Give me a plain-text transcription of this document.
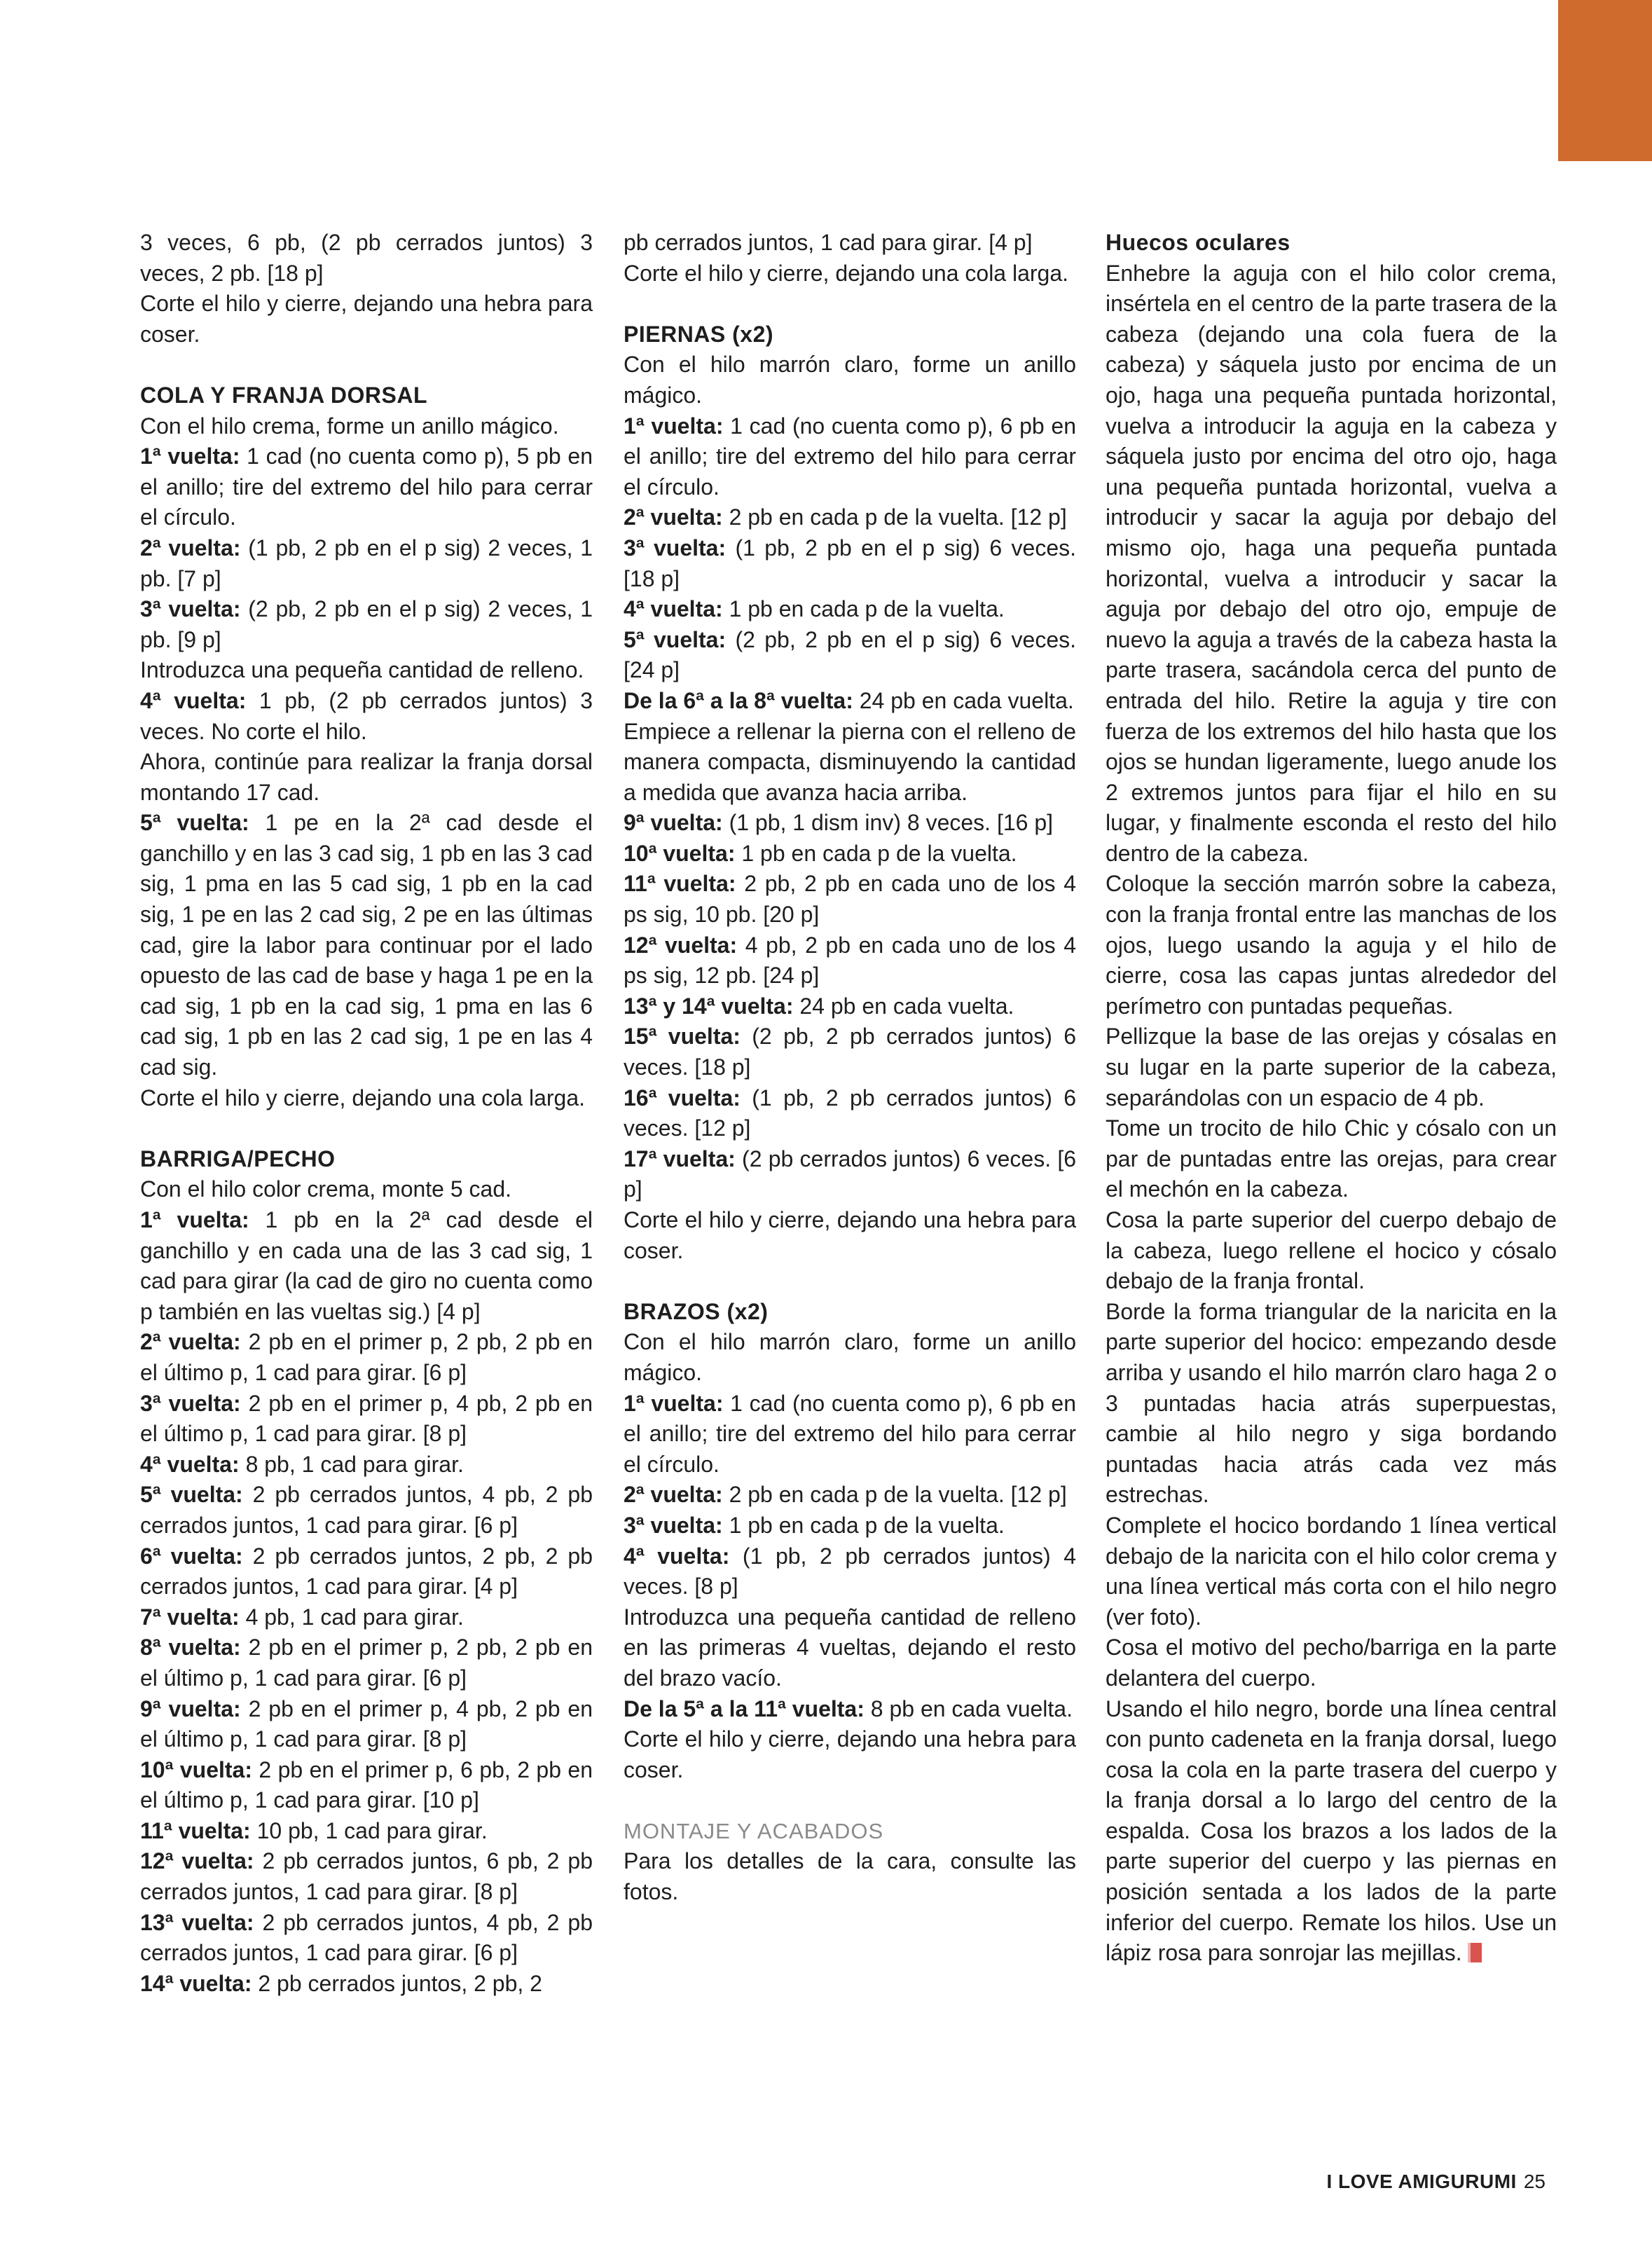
3 veces, 6 pb, (2 pb cerrados juntos) 3 veces, 2 pb. [18 p]

Corte el hilo y cierre, dejando una hebra para coser.

COLA Y FRANJA DORSAL

Con el hilo crema, forme un anillo mágico.

1ª vuelta: 1 cad (no cuenta como p), 5 pb en el anillo; tire del extremo del hilo para cerrar el círculo.

2ª vuelta: (1 pb, 2 pb en el p sig) 2 veces, 1 pb. [7 p]

3ª vuelta: (2 pb, 2 pb en el p sig) 2 veces, 1 pb. [9 p]

Introduzca una pequeña cantidad de relleno.

4ª vuelta: 1 pb, (2 pb cerrados juntos) 3 veces. No corte el hilo.

Ahora, continúe para realizar la franja dorsal montando 17 cad.

5ª vuelta: 1 pe en la 2ª cad desde el ganchillo y en las 3 cad sig, 1 pb en las 3 cad sig, 1 pma en las 5 cad sig, 1 pb en la cad sig, 1 pe en las 2 cad sig, 2 pe en las últimas cad, gire la labor para continuar por el lado opuesto de las cad de base y haga 1 pe en la cad sig, 1 pb en la cad sig, 1 pma en las 6 cad sig, 1 pb en las 2 cad sig, 1 pe en las 4 cad sig.

Corte el hilo y cierre, dejando una cola larga.

BARRIGA/PECHO

Con el hilo color crema, monte 5 cad.

1ª vuelta: 1 pb en la 2ª cad desde el ganchillo y en cada una de las 3 cad sig, 1 cad para girar (la cad de giro no cuenta como p también en las vueltas sig.) [4 p]

2ª vuelta: 2 pb en el primer p, 2 pb, 2 pb en el último p, 1 cad para girar. [6 p]

3ª vuelta: 2 pb en el primer p, 4 pb, 2 pb en el último p, 1 cad para girar. [8 p]

4ª vuelta: 8 pb, 1 cad para girar.

5ª vuelta: 2 pb cerrados juntos, 4 pb, 2 pb cerrados juntos, 1 cad para girar. [6 p]

6ª vuelta: 2 pb cerrados juntos, 2 pb, 2 pb cerrados juntos, 1 cad para girar. [4 p]

7ª vuelta: 4 pb, 1 cad para girar.

8ª vuelta: 2 pb en el primer p, 2 pb, 2 pb en el último p, 1 cad para girar. [6 p]

9ª vuelta: 2 pb en el primer p, 4 pb, 2 pb en el último p, 1 cad para girar. [8 p]

10ª vuelta: 2 pb en el primer p, 6 pb, 2 pb en el último p, 1 cad para girar. [10 p]

11ª vuelta: 10 pb, 1 cad para girar.

12ª vuelta: 2 pb cerrados juntos, 6 pb, 2 pb cerrados juntos, 1 cad para girar. [8 p]

13ª vuelta: 2 pb cerrados juntos, 4 pb, 2 pb cerrados juntos, 1 cad para girar. [6 p]

14ª vuelta: 2 pb cerrados juntos, 2 pb, 2

pb cerrados juntos, 1 cad para girar. [4 p]

Corte el hilo y cierre, dejando una cola larga.

PIERNAS (x2)

Con el hilo marrón claro, forme un anillo mágico.

1ª vuelta: 1 cad (no cuenta como p), 6 pb en el anillo; tire del extremo del hilo para cerrar el círculo.

2ª vuelta: 2 pb en cada p de la vuelta. [12 p]

3ª vuelta: (1 pb, 2 pb en el p sig) 6 veces. [18 p]

4ª vuelta: 1 pb en cada p de la vuelta.

5ª vuelta: (2 pb, 2 pb en el p sig) 6 veces. [24 p]

De la 6ª a la 8ª vuelta: 24 pb en cada vuelta.

Empiece a rellenar la pierna con el relleno de manera compacta, disminuyendo la cantidad a medida que avanza hacia arriba.

9ª vuelta: (1 pb, 1 dism inv) 8 veces. [16 p]

10ª vuelta: 1 pb en cada p de la vuelta.

11ª vuelta: 2 pb, 2 pb en cada uno de los 4 ps sig, 10 pb. [20 p]

12ª vuelta: 4 pb, 2 pb en cada uno de los 4 ps sig, 12 pb. [24 p]

13ª y 14ª vuelta: 24 pb en cada vuelta.

15ª vuelta: (2 pb, 2 pb cerrados juntos) 6 veces. [18 p]

16ª vuelta: (1 pb, 2 pb cerrados juntos) 6 veces. [12 p]

17ª vuelta: (2 pb cerrados juntos) 6 veces. [6 p]

Corte el hilo y cierre, dejando una hebra para coser.

BRAZOS (x2)

Con el hilo marrón claro, forme un anillo mágico.

1ª vuelta: 1 cad (no cuenta como p), 6 pb en el anillo; tire del extremo del hilo para cerrar el círculo.

2ª vuelta: 2 pb en cada p de la vuelta. [12 p]

3ª vuelta: 1 pb en cada p de la vuelta.

4ª vuelta: (1 pb, 2 pb cerrados juntos) 4 veces. [8 p]

Introduzca una pequeña cantidad de relleno en las primeras 4 vueltas, dejando el resto del brazo vacío.

De la 5ª a la 11ª vuelta: 8 pb en cada vuelta.

Corte el hilo y cierre, dejando una hebra para coser.

MONTAJE Y ACABADOS

Para los detalles de la cara, consulte las fotos.

Huecos oculares

Enhebre la aguja con el hilo color crema, insértela en el centro de la parte trasera de la cabeza (dejando una cola fuera de la cabeza) y sáquela justo por encima de un ojo, haga una pequeña puntada horizontal, vuelva a introducir la aguja en la cabeza y sáquela justo por encima del otro ojo, haga una pequeña puntada horizontal, vuelva a introducir y sacar la aguja por debajo del mismo ojo, haga una pequeña puntada horizontal, vuelva a introducir y sacar la aguja por debajo del otro ojo, empuje de nuevo la aguja a través de la cabeza hasta la parte trasera, sacándola cerca del punto de entrada del hilo. Retire la aguja y tire con fuerza de los extremos del hilo hasta que los ojos se hundan ligeramente, luego anude los 2 extremos juntos para fijar el hilo en su lugar, y finalmente esconda el resto del hilo dentro de la cabeza.

Coloque la sección marrón sobre la cabeza, con la franja frontal entre las manchas de los ojos, luego usando la aguja y el hilo de cierre, cosa las capas juntas alrededor del perímetro con puntadas pequeñas.

Pellizque la base de las orejas y cósalas en su lugar en la parte superior de la cabeza, separándolas con un espacio de 4 pb.

Tome un trocito de hilo Chic y cósalo con un par de puntadas entre las orejas, para crear el mechón en la cabeza.

Cosa la parte superior del cuerpo debajo de la cabeza, luego rellene el hocico y cósalo debajo de la franja frontal.

Borde la forma triangular de la naricita en la parte superior del hocico: empezando desde arriba y usando el hilo marrón claro haga 2 o 3 puntadas hacia atrás superpuestas, cambie al hilo negro y siga bordando puntadas hacia atrás cada vez más estrechas.

Complete el hocico bordando 1 línea vertical debajo de la naricita con el hilo color crema y una línea vertical más corta con el hilo negro (ver foto).

Cosa el motivo del pecho/barriga en la parte delantera del cuerpo.

Usando el hilo negro, borde una línea central con punto cadeneta en la franja dorsal, luego cosa la cola en la parte trasera del cuerpo y la franja dorsal a lo largo del centro de la espalda. Cosa los brazos a los lados de la parte superior del cuerpo y las piernas en posición sentada a los lados de la parte inferior del cuerpo. Remate los hilos. Use un lápiz rosa para sonrojar las mejillas.

I LOVE AMIGURUMI 25
